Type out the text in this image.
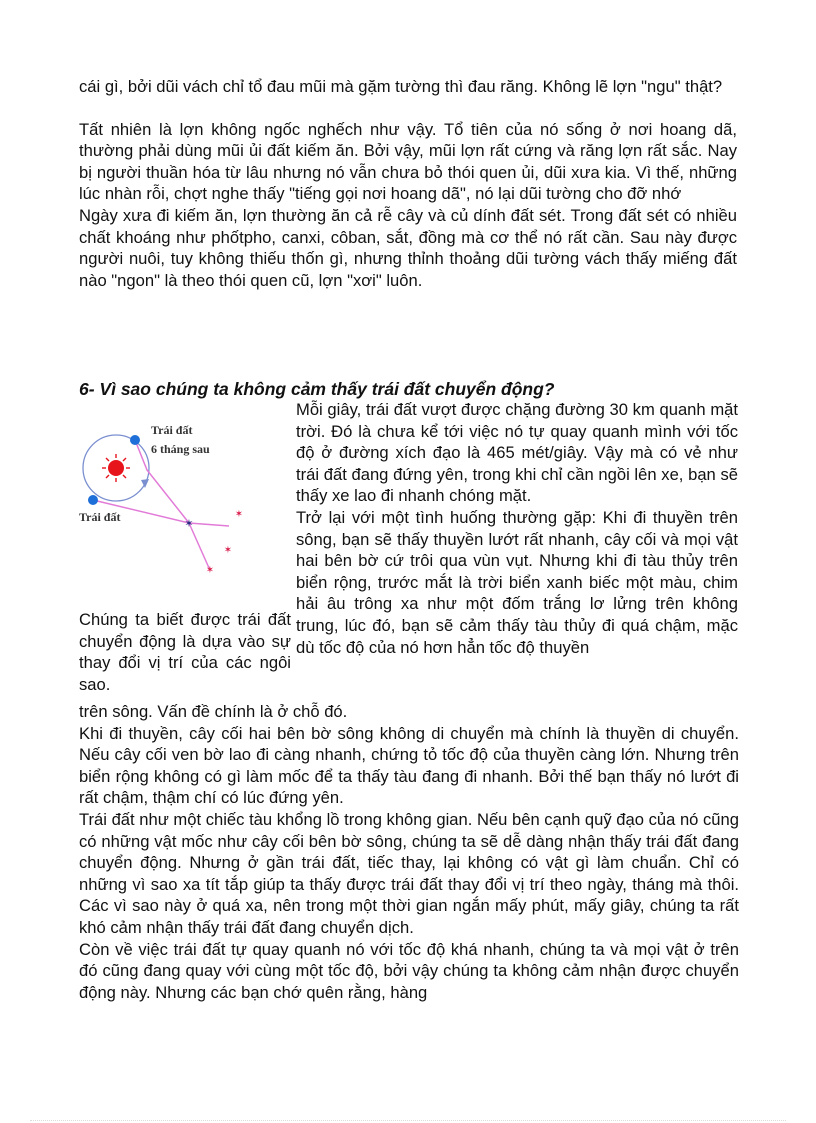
cái gì, bởi dũi vách chỉ tổ đau mũi mà gặm tường thì đau răng. Không lẽ lợn "ngu" thật?

Tất nhiên là lợn không ngốc nghếch như vậy. Tổ tiên của nó sống ở nơi hoang dã, thường phải dùng mũi ủi đất kiếm ăn. Bởi vậy, mũi lợn rất cứng và răng lợn rất sắc. Nay bị người thuần hóa từ lâu nhưng nó vẫn chưa bỏ thói quen ủi, dũi xưa kia. Vì thế, những lúc nhàn rỗi, chợt nghe thấy "tiếng gọi nơi hoang dã", nó lại dũi tường cho đỡ nhớ

Ngày xưa đi kiếm ăn, lợn thường ăn cả rễ cây và củ dính đất sét. Trong đất sét có nhiều chất khoáng như phốtpho, canxi, côban, sắt, đồng mà cơ thể nó rất cần. Sau này được người nuôi, tuy không thiếu thốn gì, nhưng thỉnh thoảng dũi tường vách thấy miếng đất nào "ngon" là theo thói quen cũ, lợn "xơi" luôn.

6- Vì sao chúng ta không cảm thấy trái đất chuyển động?
✶
✶
✶
✶
Trái đất
6 tháng sau
Trái đất
Chúng ta biết được trái đất chuyển động là dựa vào sự thay đổi vị trí của các ngôi sao.

Mỗi giây, trái đất vượt được chặng đường 30 km quanh mặt trời. Đó là chưa kể tới việc nó tự quay quanh mình với tốc độ ở đường xích đạo là 465 mét/giây. Vậy mà có vẻ như trái đất đang đứng yên, trong khi chỉ cần ngồi lên xe, bạn sẽ thấy xe lao đi nhanh chóng mặt.

Trở lại với một tình huống thường gặp: Khi đi thuyền trên sông, bạn sẽ thấy thuyền lướt rất nhanh, cây cối và mọi vật hai bên bờ cứ trôi qua vùn vụt. Nhưng khi đi tàu thủy trên biển rộng, trước mắt là trời biển xanh biếc một màu, chim hải âu trông xa như một đốm trắng lơ lửng trên không trung, lúc đó, bạn sẽ cảm thấy tàu thủy đi quá chậm, mặc dù tốc độ của nó hơn hẳn tốc độ thuyền

trên sông. Vấn đề chính là ở chỗ đó.

Khi đi thuyền, cây cối hai bên bờ sông không di chuyển mà chính là thuyền di chuyển. Nếu cây cối ven bờ lao đi càng nhanh, chứng tỏ tốc độ của thuyền càng lớn. Nhưng trên biển rộng không có gì làm mốc để ta thấy tàu đang đi nhanh. Bởi thế bạn thấy nó lướt đi rất chậm, thậm chí có lúc đứng yên.

Trái đất như một chiếc tàu khổng lồ trong không gian. Nếu bên cạnh quỹ đạo của nó cũng có những vật mốc như cây cối bên bờ sông, chúng ta sẽ dễ dàng nhận thấy trái đất đang chuyển động. Nhưng ở gần trái đất, tiếc thay, lại không có vật gì làm chuẩn. Chỉ có những vì sao xa tít tắp giúp ta thấy được trái đất thay đổi vị trí theo ngày, tháng mà thôi. Các vì sao này ở quá xa, nên trong một thời gian ngắn mấy phút, mấy giây, chúng ta rất khó cảm nhận thấy trái đất đang chuyển dịch.

Còn về việc trái đất tự quay quanh nó với tốc độ khá nhanh, chúng ta và mọi vật ở trên đó cũng đang quay với cùng một tốc độ, bởi vậy chúng ta không cảm nhận được chuyển động này. Nhưng các bạn chớ quên rằng, hàng
